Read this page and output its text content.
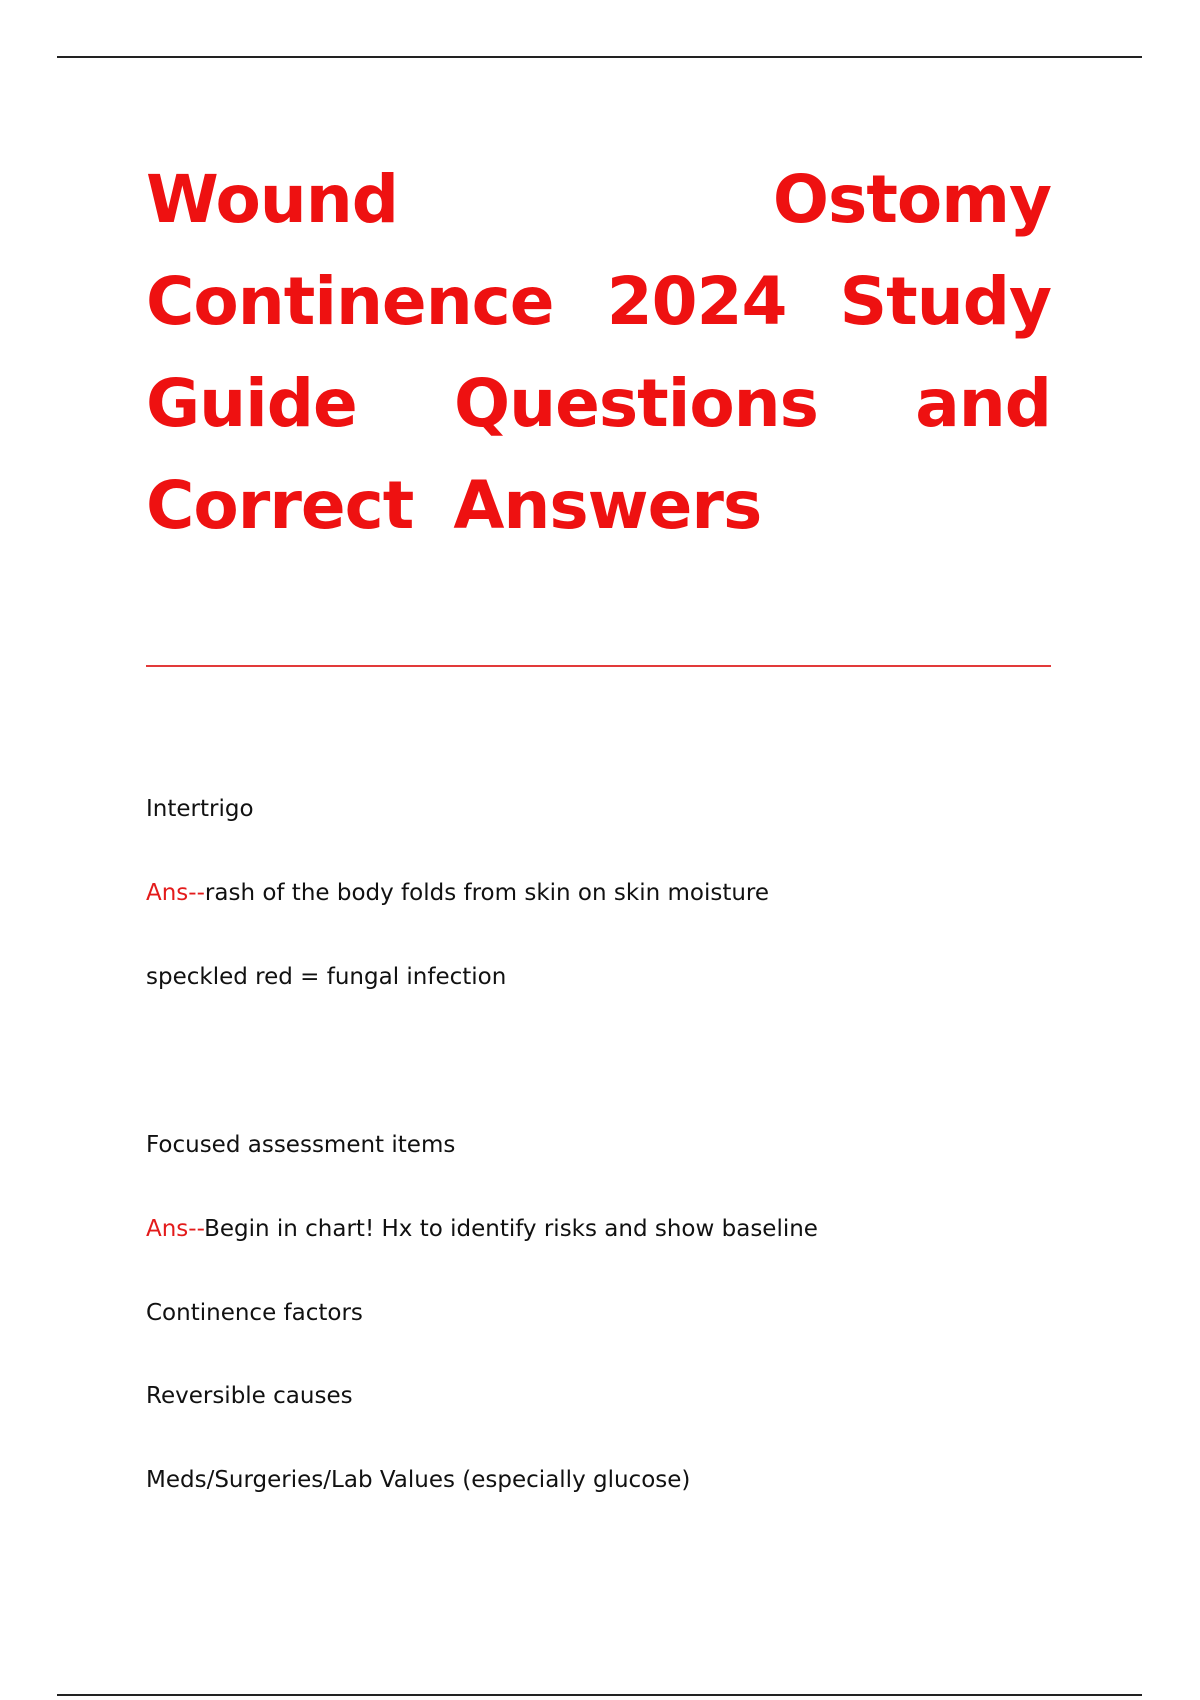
Wound	Ostomy
Continence 2024 Study
Guide Questions and
Correct Answers
Intertrigo
Ans--rash of the body folds from skin on skin moisture
speckled red = fungal infection
Focused assessment items
Ans--Begin in chart! Hx to identify risks and show baseline
Continence factors
Reversible causes
Meds/Surgeries/Lab Values (especially glucose)
